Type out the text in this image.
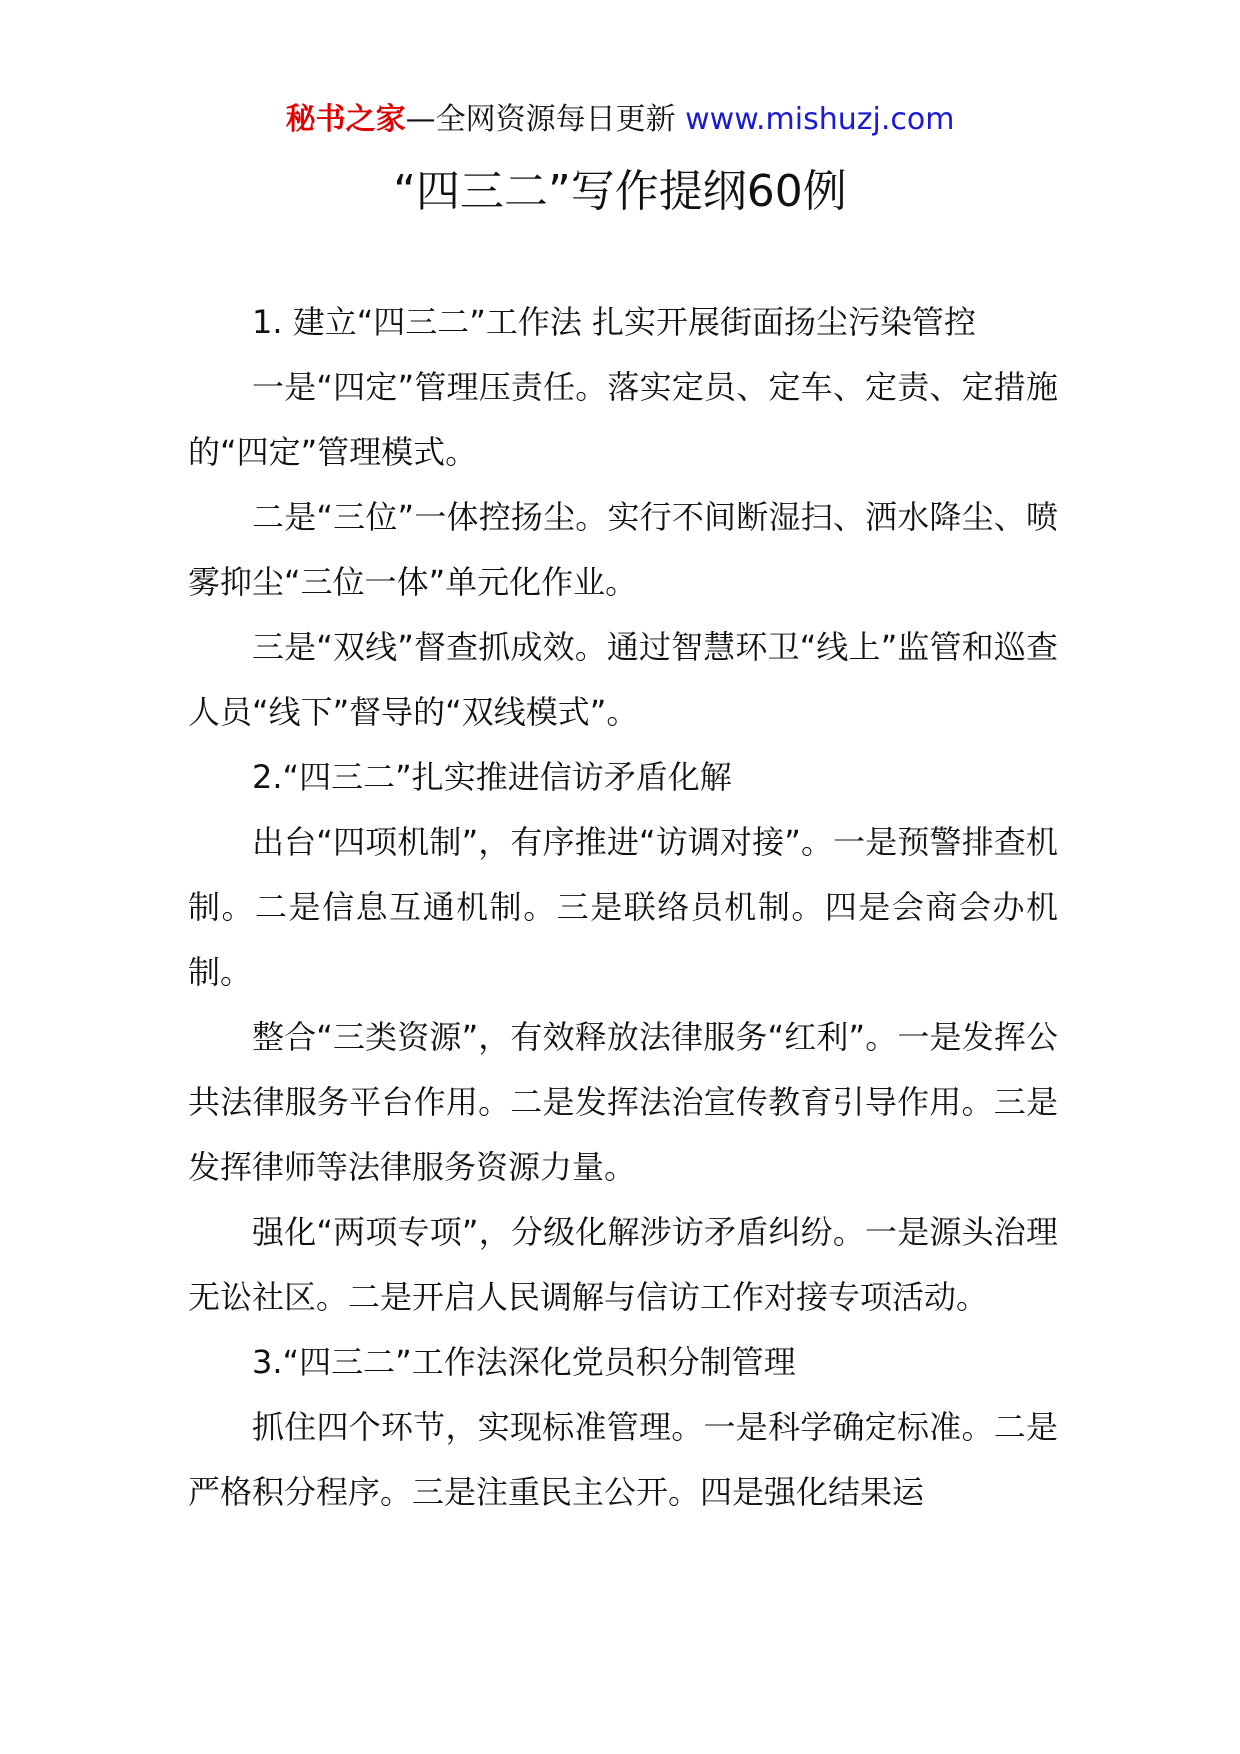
秘书之家—全网资源每日更新 www.mishuzj.com
“四三二”写作提纲60例

1. 建立“四三二”工作法 扎实开展街面扬尘污染管控

一是“四定”管理压责任。落实定员、定车、定责、定措施的“四定”管理模式。

二是“三位”一体控扬尘。实行不间断湿扫、洒水降尘、喷雾抑尘“三位一体”单元化作业。

三是“双线”督查抓成效。通过智慧环卫“线上”监管和巡查人员“线下”督导的“双线模式”。

2.“四三二”扎实推进信访矛盾化解

出台“四项机制”，有序推进“访调对接”。一是预警排查机制。二是信息互通机制。三是联络员机制。四是会商会办机制。

整合“三类资源”，有效释放法律服务“红利”。一是发挥公共法律服务平台作用。二是发挥法治宣传教育引导作用。三是发挥律师等法律服务资源力量。

强化“两项专项”，分级化解涉访矛盾纠纷。一是源头治理无讼社区。二是开启人民调解与信访工作对接专项活动。

3.“四三二”工作法深化党员积分制管理

抓住四个环节，实现标准管理。一是科学确定标准。二是严格积分程序。三是注重民主公开。四是强化结果运
